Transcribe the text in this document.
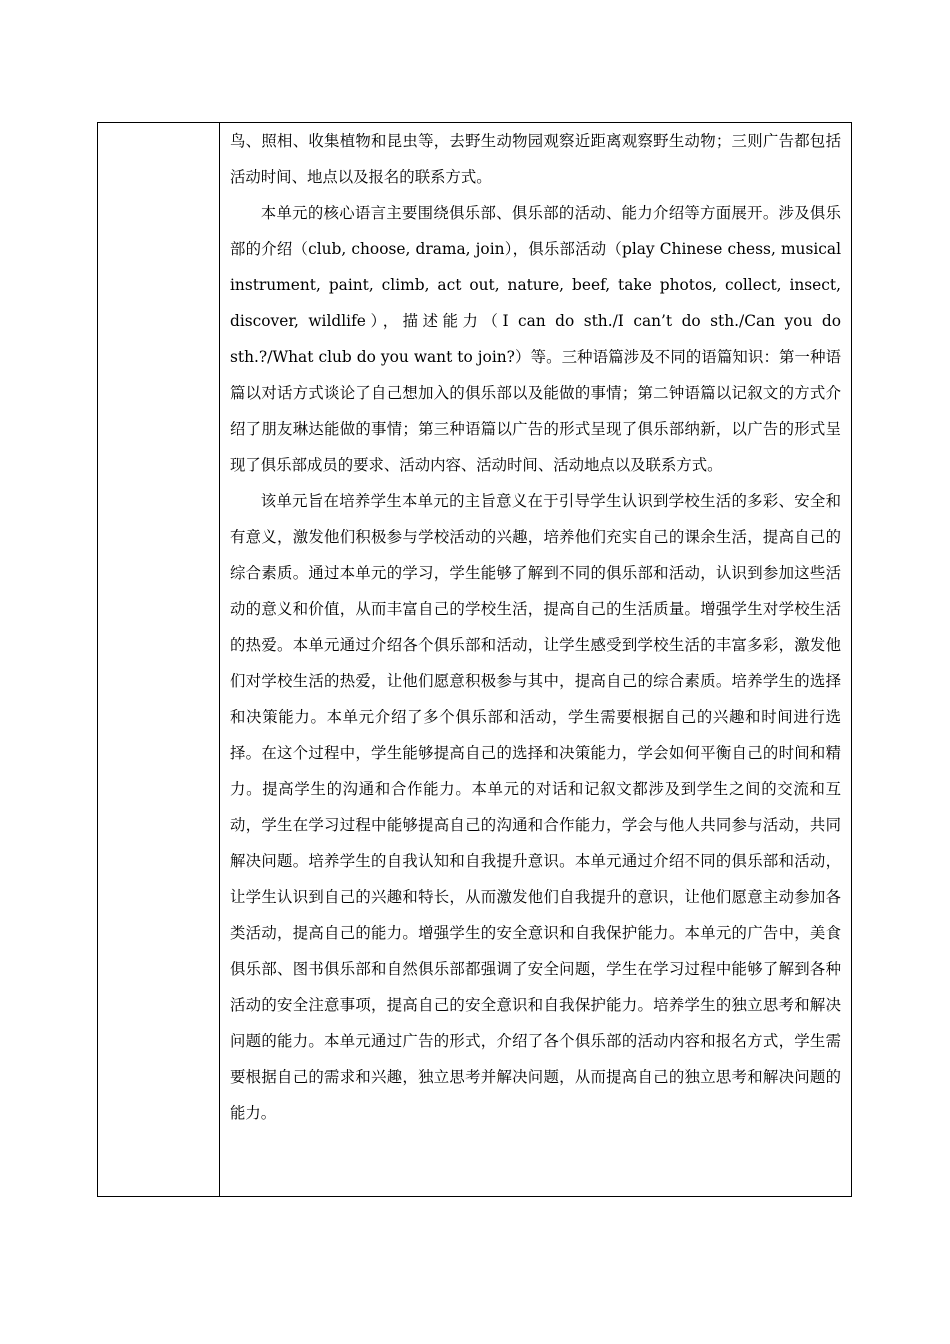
鸟、照相、收集植物和昆虫等，去野生动物园观察近距离观察野生动物；三则广告都包括活动时间、地点以及报名的联系方式。

本单元的核心语言主要围绕俱乐部、俱乐部的活动、能力介绍等方面展开。涉及俱乐部的介绍（club, choose, drama, join），俱乐部活动（play Chinese chess, musical instrument, paint, climb, act out, nature, beef, take photos, collect, insect, discover, wildlife），描述能力（I can do sth./I can’t do sth./Can you do sth.?/What club do you want to join?）等。三种语篇涉及不同的语篇知识：第一种语篇以对话方式谈论了自己想加入的俱乐部以及能做的事情；第二钟语篇以记叙文的方式介绍了朋友琳达能做的事情；第三种语篇以广告的形式呈现了俱乐部纳新，以广告的形式呈现了俱乐部成员的要求、活动内容、活动时间、活动地点以及联系方式。

该单元旨在培养学生本单元的主旨意义在于引导学生认识到学校生活的多彩、安全和有意义，激发他们积极参与学校活动的兴趣，培养他们充实自己的课余生活，提高自己的综合素质。通过本单元的学习，学生能够了解到不同的俱乐部和活动，认识到参加这些活动的意义和价值，从而丰富自己的学校生活，提高自己的生活质量。增强学生对学校生活的热爱。本单元通过介绍各个俱乐部和活动，让学生感受到学校生活的丰富多彩，激发他们对学校生活的热爱，让他们愿意积极参与其中，提高自己的综合素质。培养学生的选择和决策能力。本单元介绍了多个俱乐部和活动，学生需要根据自己的兴趣和时间进行选择。在这个过程中，学生能够提高自己的选择和决策能力，学会如何平衡自己的时间和精力。提高学生的沟通和合作能力。本单元的对话和记叙文都涉及到学生之间的交流和互动，学生在学习过程中能够提高自己的沟通和合作能力，学会与他人共同参与活动，共同解决问题。培养学生的自我认知和自我提升意识。本单元通过介绍不同的俱乐部和活动，让学生认识到自己的兴趣和特长，从而激发他们自我提升的意识，让他们愿意主动参加各类活动，提高自己的能力。增强学生的安全意识和自我保护能力。本单元的广告中，美食俱乐部、图书俱乐部和自然俱乐部都强调了安全问题，学生在学习过程中能够了解到各种活动的安全注意事项，提高自己的安全意识和自我保护能力。培养学生的独立思考和解决问题的能力。本单元通过广告的形式，介绍了各个俱乐部的活动内容和报名方式，学生需要根据自己的需求和兴趣，独立思考并解决问题，从而提高自己的独立思考和解决问题的能力。
